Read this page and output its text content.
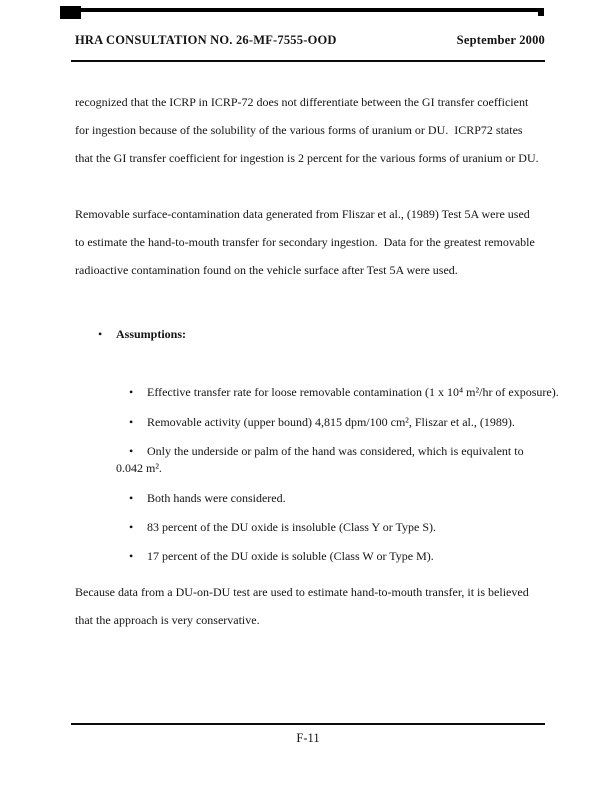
HRA CONSULTATION NO. 26-MF-7555-OOD	September 2000
recognized that the ICRP in ICRP-72 does not differentiate between the GI transfer coefficient
for ingestion because of the solubility of the various forms of uranium or DU.  ICRP72 states
that the GI transfer coefficient for ingestion is 2 percent for the various forms of uranium or DU.
Removable surface-contamination data generated from Fliszar et al., (1989) Test 5A were used
to estimate the hand-to-mouth transfer for secondary ingestion.  Data for the greatest removable
radioactive contamination found on the vehicle surface after Test 5A were used.

• Assumptions:

• Effective transfer rate for loose removable contamination (1 x 10⁴ m²/hr of exposure).

• Removable activity (upper bound) 4,815 dpm/100 cm², Fliszar et al., (1989).

• Only the underside or palm of the hand was considered, which is equivalent to

0.042 m².

• Both hands were considered.

• 83 percent of the DU oxide is insoluble (Class Y or Type S).

• 17 percent of the DU oxide is soluble (Class W or Type M).

Because data from a DU-on-DU test are used to estimate hand-to-mouth transfer, it is believed
that the approach is very conservative.
F-11
